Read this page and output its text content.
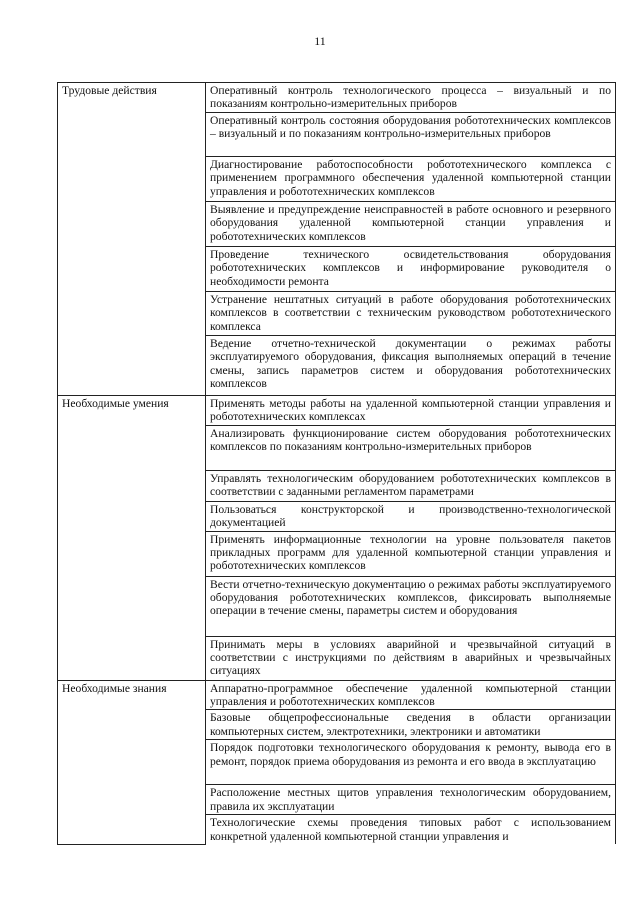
11
Трудовые действия	Оперативный контроль технологического процесса – визуальный и по показаниям контрольно-измерительных приборов
	Оперативный контроль состояния оборудования робототехнических комплексов – визуальный и по показаниям контрольно-измерительных приборов
	Диагностирование работоспособности робототехнического комплекса с применением программного обеспечения удаленной компьютерной станции управления и робототехнических комплексов
	Выявление и предупреждение неисправностей в работе основного и резервного оборудования удаленной компьютерной станции управления и робототехнических комплексов
	Проведение технического освидетельствования оборудования робототехнических комплексов и информирование руководителя о необходимости ремонта
	Устранение нештатных ситуаций в работе оборудования робототехнических комплексов в соответствии с техническим руководством робототехнического комплекса
	Ведение отчетно-технической документации о режимах работы эксплуатируемого оборудования, фиксация выполняемых операций в течение смены, запись параметров систем и оборудования робототехнических комплексов
Необходимые умения	Применять методы работы на удаленной компьютерной станции управления и робототехнических комплексах
	Анализировать функционирование систем оборудования робототехнических комплексов по показаниям контрольно-измерительных приборов
	Управлять технологическим оборудованием робототехнических комплексов в соответствии с заданными регламентом параметрами
	Пользоваться конструкторской и производственно-технологической документацией
	Применять информационные технологии на уровне пользователя пакетов прикладных программ для удаленной компьютерной станции управления и робототехнических комплексов
	Вести отчетно-техническую документацию о режимах работы эксплуатируемого оборудования робототехнических комплексов, фиксировать выполняемые операции в течение смены, параметры систем и оборудования
	Принимать меры в условиях аварийной и чрезвычайной ситуаций в соответствии с инструкциями по действиям в аварийных и чрезвычайных ситуациях
Необходимые знания	Аппаратно-программное обеспечение удаленной компьютерной станции управления и робототехнических комплексов
	Базовые общепрофессиональные сведения в области организации компьютерных систем, электротехники, электроники и автоматики
	Порядок подготовки технологического оборудования к ремонту, вывода его в ремонт, порядок приема оборудования из ремонта и его ввода в эксплуатацию
	Расположение местных щитов управления технологическим оборудованием, правила их эксплуатации
	Технологические схемы проведения типовых работ с использованием конкретной удаленной компьютерной станции управления и
